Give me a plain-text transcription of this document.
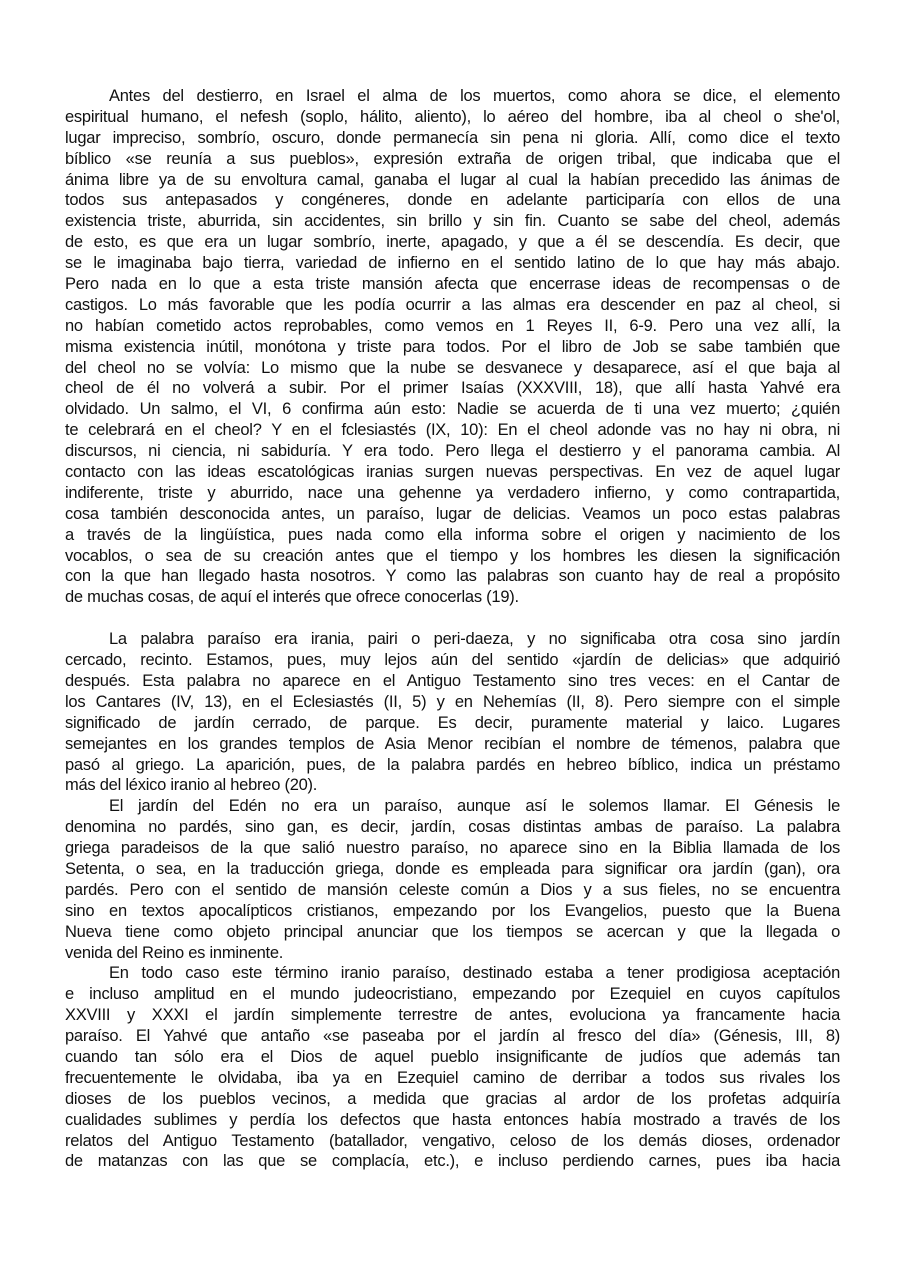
Antes del destierro, en Israel el alma de los muertos, como ahora se dice, el elemento
espiritual humano, el nefesh (soplo, hálito, aliento), lo aéreo del hombre, iba al cheol o she'ol,
lugar impreciso, sombrío, oscuro, donde permanecía sin pena ni gloria. Allí, como dice el texto
bíblico «se reunía a sus pueblos», expresión extraña de origen tribal, que indicaba que el
ánima libre ya de su envoltura camal, ganaba el lugar al cual la habían precedido las ánimas de
todos sus antepasados y congéneres, donde en adelante participaría con ellos de una
existencia triste, aburrida, sin accidentes, sin brillo y sin fin. Cuanto se sabe del cheol, además
de esto, es que era un lugar sombrío, inerte, apagado, y que a él se descendía. Es decir, que
se le imaginaba bajo tierra, variedad de infierno en el sentido latino de lo que hay más abajo.
Pero nada en lo que a esta triste mansión afecta que encerrase ideas de recompensas o de
castigos. Lo más favorable que les podía ocurrir a las almas era descender en paz al cheol, si
no habían cometido actos reprobables, como vemos en 1 Reyes II, 6-9. Pero una vez allí, la
misma existencia inútil, monótona y triste para todos. Por el libro de Job se sabe también que
del cheol no se volvía: Lo mismo que la nube se desvanece y desaparece, así el que baja al
cheol de él no volverá a subir. Por el primer Isaías (XXXVIII, 18), que allí hasta Yahvé era
olvidado. Un salmo, el VI, 6 confirma aún esto: Nadie se acuerda de ti una vez muerto; ¿quién
te celebrará en el cheol? Y en el fclesiastés (IX, 10): En el cheol adonde vas no hay ni obra, ni
discursos, ni ciencia, ni sabiduría. Y era todo. Pero llega el destierro y el panorama cambia. Al
contacto con las ideas escatológicas iranias surgen nuevas perspectivas. En vez de aquel lugar
indiferente, triste y aburrido, nace una gehenne ya verdadero infierno, y como contrapartida,
cosa también desconocida antes, un paraíso, lugar de delicias. Veamos un poco estas palabras
a través de la lingüística, pues nada como ella informa sobre el origen y nacimiento de los
vocablos, o sea de su creación antes que el tiempo y los hombres les diesen la significación
con la que han llegado hasta nosotros. Y como las palabras son cuanto hay de real a propósito
de muchas cosas, de aquí el interés que ofrece conocerlas (19).
La palabra paraíso era irania, pairi o peri-daeza, y no significaba otra cosa sino jardín
cercado, recinto. Estamos, pues, muy lejos aún del sentido «jardín de delicias» que adquirió
después. Esta palabra no aparece en el Antiguo Testamento sino tres veces: en el Cantar de
los Cantares (IV, 13), en el Eclesiastés (II, 5) y en Nehemías (II, 8). Pero siempre con el simple
significado de jardín cerrado, de parque. Es decir, puramente material y laico. Lugares
semejantes en los grandes templos de Asia Menor recibían el nombre de témenos, palabra que
pasó al griego. La aparición, pues, de la palabra pardés en hebreo bíblico, indica un préstamo
más del léxico iranio al hebreo (20).
El jardín del Edén no era un paraíso, aunque así le solemos llamar. El Génesis le
denomina no pardés, sino gan, es decir, jardín, cosas distintas ambas de paraíso. La palabra
griega paradeisos de la que salió nuestro paraíso, no aparece sino en la Biblia llamada de los
Setenta, o sea, en la traducción griega, donde es empleada para significar ora jardín (gan), ora
pardés. Pero con el sentido de mansión celeste común a Dios y a sus fieles, no se encuentra
sino en textos apocalípticos cristianos, empezando por los Evangelios, puesto que la Buena
Nueva tiene como objeto principal anunciar que los tiempos se acercan y que la llegada o
venida del Reino es inminente.
En todo caso este término iranio paraíso, destinado estaba a tener prodigiosa aceptación
e incluso amplitud en el mundo judeocristiano, empezando por Ezequiel en cuyos capítulos
XXVIII y XXXI el jardín simplemente terrestre de antes, evoluciona ya francamente hacia
paraíso. El Yahvé que antaño «se paseaba por el jardín al fresco del día» (Génesis, III, 8)
cuando tan sólo era el Dios de aquel pueblo insignificante de judíos que además tan
frecuentemente le olvidaba, iba ya en Ezequiel camino de derribar a todos sus rivales los
dioses de los pueblos vecinos, a medida que gracias al ardor de los profetas adquiría
cualidades sublimes y perdía los defectos que hasta entonces había mostrado a través de los
relatos del Antiguo Testamento (batallador, vengativo, celoso de los demás dioses, ordenador
de matanzas con las que se complacía, etc.), e incluso perdiendo carnes, pues iba hacia
